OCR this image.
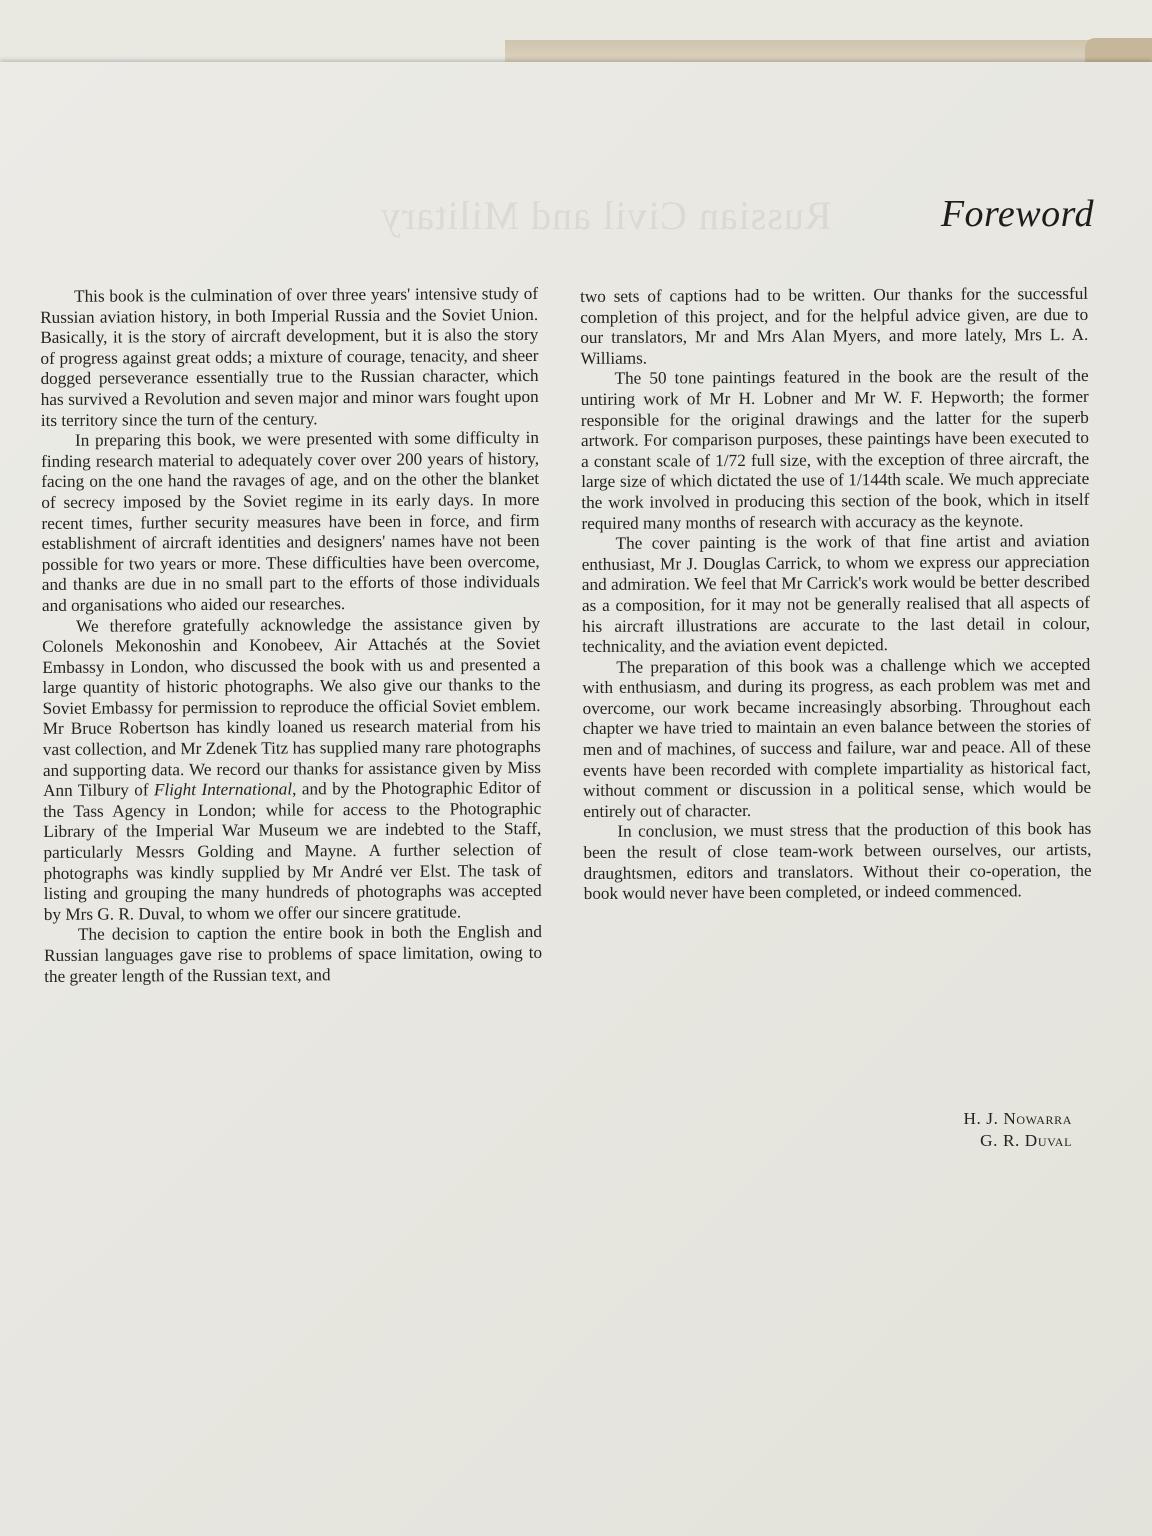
Russian Civil and Military	Foreword

This book is the culmination of over three years' intensive study of Russian aviation history, in both Imperial Russia and the Soviet Union. Basically, it is the story of aircraft development, but it is also the story of progress against great odds; a mixture of courage, tenacity, and sheer dogged perseverance essentially true to the Russian character, which has survived a Revolution and seven major and minor wars fought upon its territory since the turn of the century.

In preparing this book, we were presented with some difficulty in finding research material to adequately cover over 200 years of history, facing on the one hand the ravages of age, and on the other the blanket of secrecy imposed by the Soviet regime in its early days. In more recent times, further security measures have been in force, and firm establishment of aircraft identities and designers' names have not been possible for two years or more. These difficulties have been overcome, and thanks are due in no small part to the efforts of those individuals and organisations who aided our researches.

We therefore gratefully acknowledge the assistance given by Colonels Mekonoshin and Konobeev, Air Attachés at the Soviet Embassy in London, who discussed the book with us and presented a large quantity of historic photographs. We also give our thanks to the Soviet Embassy for permission to reproduce the official Soviet emblem. Mr Bruce Robertson has kindly loaned us research material from his vast collection, and Mr Zdenek Titz has supplied many rare photographs and supporting data. We record our thanks for assistance given by Miss Ann Tilbury of Flight International, and by the Photographic Editor of the Tass Agency in London; while for access to the Photographic Library of the Imperial War Museum we are indebted to the Staff, particularly Messrs Golding and Mayne. A further selection of photographs was kindly supplied by Mr André ver Elst. The task of listing and grouping the many hundreds of photographs was accepted by Mrs G. R. Duval, to whom we offer our sincere gratitude.

The decision to caption the entire book in both the English and Russian languages gave rise to problems of space limitation, owing to the greater length of the Russian text, and

two sets of captions had to be written. Our thanks for the successful completion of this project, and for the helpful advice given, are due to our translators, Mr and Mrs Alan Myers, and more lately, Mrs L. A. Williams.

The 50 tone paintings featured in the book are the result of the untiring work of Mr H. Lobner and Mr W. F. Hepworth; the former responsible for the original drawings and the latter for the superb artwork. For comparison purposes, these paintings have been executed to a constant scale of 1/72 full size, with the exception of three aircraft, the large size of which dictated the use of 1/144th scale. We much appreciate the work involved in producing this section of the book, which in itself required many months of research with accuracy as the keynote.

The cover painting is the work of that fine artist and aviation enthusiast, Mr J. Douglas Carrick, to whom we express our appreciation and admiration. We feel that Mr Carrick's work would be better described as a composition, for it may not be generally realised that all aspects of his aircraft illustrations are accurate to the last detail in colour, technicality, and the aviation event depicted.

The preparation of this book was a challenge which we accepted with enthusiasm, and during its progress, as each problem was met and overcome, our work became increasingly absorbing. Throughout each chapter we have tried to maintain an even balance between the stories of men and of machines, of success and failure, war and peace. All of these events have been recorded with complete impartiality as historical fact, without comment or discussion in a political sense, which would be entirely out of character.

In conclusion, we must stress that the production of this book has been the result of close team-work between ourselves, our artists, draughtsmen, editors and translators. Without their co-operation, the book would never have been completed, or indeed commenced.

H. J. Nowarra
G. R. Duval
